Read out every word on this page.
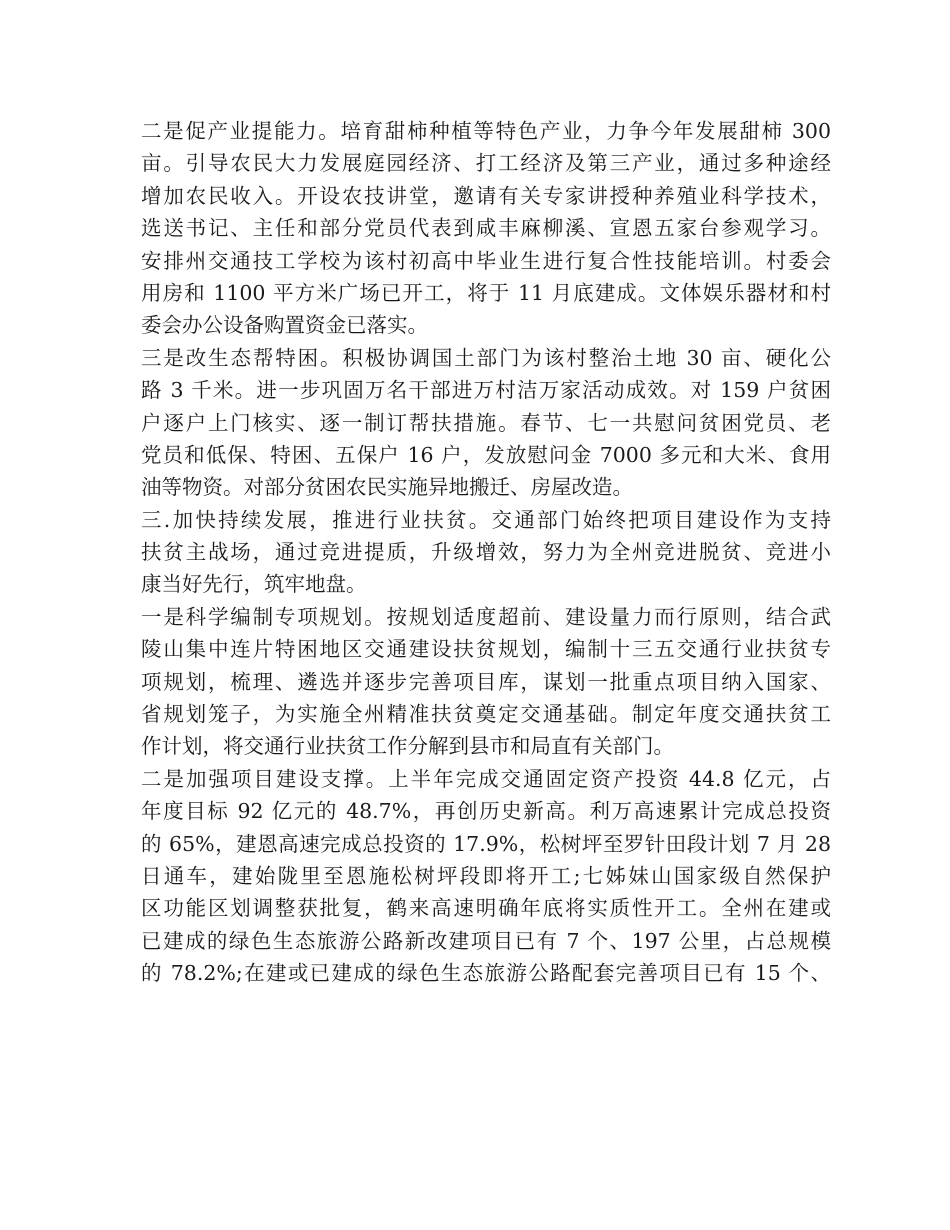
二是促产业提能力。培育甜柿种植等特色产业，力争今年发展甜柿 300
亩。引导农民大力发展庭园经济、打工经济及第三产业，通过多种途经
增加农民收入。开设农技讲堂，邀请有关专家讲授种养殖业科学技术，
选送书记、主任和部分党员代表到咸丰麻柳溪、宣恩五家台参观学习。
安排州交通技工学校为该村初高中毕业生进行复合性技能培训。村委会
用房和 1100 平方米广场已开工，将于 11 月底建成。文体娱乐器材和村
委会办公设备购置资金已落实。
三是改生态帮特困。积极协调国土部门为该村整治土地 30 亩、硬化公
路 3 千米。进一步巩固万名干部进万村洁万家活动成效。对 159 户贫困
户逐户上门核实、逐一制订帮扶措施。春节、七一共慰问贫困党员、老
党员和低保、特困、五保户 16 户，发放慰问金 7000 多元和大米、食用
油等物资。对部分贫困农民实施异地搬迁、房屋改造。
三.加快持续发展，推进行业扶贫。交通部门始终把项目建设作为支持
扶贫主战场，通过竞进提质，升级增效，努力为全州竞进脱贫、竞进小
康当好先行，筑牢地盘。
一是科学编制专项规划。按规划适度超前、建设量力而行原则，结合武
陵山集中连片特困地区交通建设扶贫规划，编制十三五交通行业扶贫专
项规划，梳理、遴选并逐步完善项目库，谋划一批重点项目纳入国家、
省规划笼子，为实施全州精准扶贫奠定交通基础。制定年度交通扶贫工
作计划，将交通行业扶贫工作分解到县市和局直有关部门。
二是加强项目建设支撑。上半年完成交通固定资产投资 44.8 亿元，占
年度目标 92 亿元的 48.7%，再创历史新高。利万高速累计完成总投资
的 65%，建恩高速完成总投资的 17.9%，松树坪至罗针田段计划 7 月 28
日通车，建始陇里至恩施松树坪段即将开工;七姊妹山国家级自然保护
区功能区划调整获批复，鹤来高速明确年底将实质性开工。全州在建或
已建成的绿色生态旅游公路新改建项目已有 7 个、197 公里，占总规模
的 78.2%;在建或已建成的绿色生态旅游公路配套完善项目已有 15 个、
